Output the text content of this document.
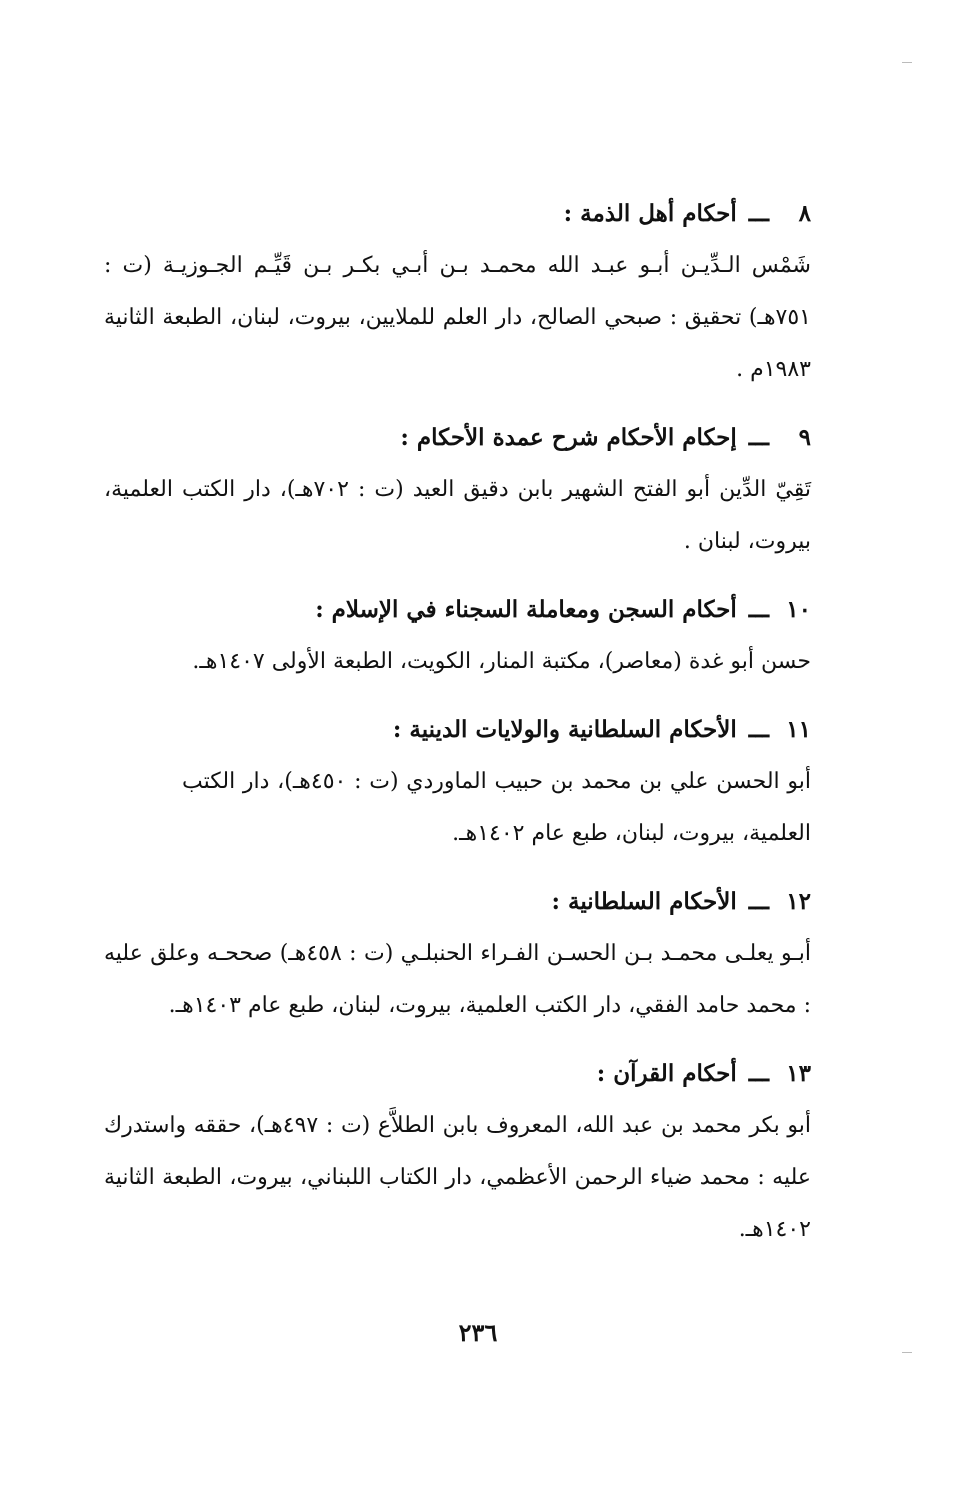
٨
ـــ
أحكام أهل الذمة :
شَمْس الـدِّيـن أبـو عبـد الله محمـد بـن أبـي بكـر بـن قَيِّـم الجـوزيـة (ت : ٧٥١هـ) تحقيق : صبحي الصالح، دار العلم للملايين، بيروت، لبنان، الطبعة الثانية ١٩٨٣م .
٩
ـــ
إحكام الأحكام شرح عمدة الأحكام :
تَقِيّ الدِّين أبو الفتح الشهير بابن دقيق العيد (ت : ٧٠٢هـ)، دار الكتب العلمية، بيروت، لبنان .
١٠
ـــ
أحكام السجن ومعاملة السجناء في الإسلام :
حسن أبو غدة (معاصر)، مكتبة المنار، الكويت، الطبعة الأولى ١٤٠٧هـ.
١١
ـــ
الأحكام السلطانية والولايات الدينية :
أبو الحسن علي بن محمد بن حبيب الماوردي (ت : ٤٥٠هـ)، دار الكتب العلمية، بيروت، لبنان، طبع عام ١٤٠٢هـ.
١٢
ـــ
الأحكام السلطانية :
أبـو يعلـى محمـد بـن الحسـن الفـراء الحنبلـي (ت : ٤٥٨هـ) صححـه وعلق عليه : محمد حامد الفقي، دار الكتب العلمية، بيروت، لبنان، طبع عام ١٤٠٣هـ.
١٣
ـــ
أحكام القرآن :
أبو بكر محمد بن عبد الله، المعروف بابن الطلاَّع (ت : ٤٩٧هـ)، حققه واستدرك عليه : محمد ضياء الرحمن الأعظمي، دار الكتاب اللبناني، بيروت، الطبعة الثانية ١٤٠٢هـ.
٢٣٦
